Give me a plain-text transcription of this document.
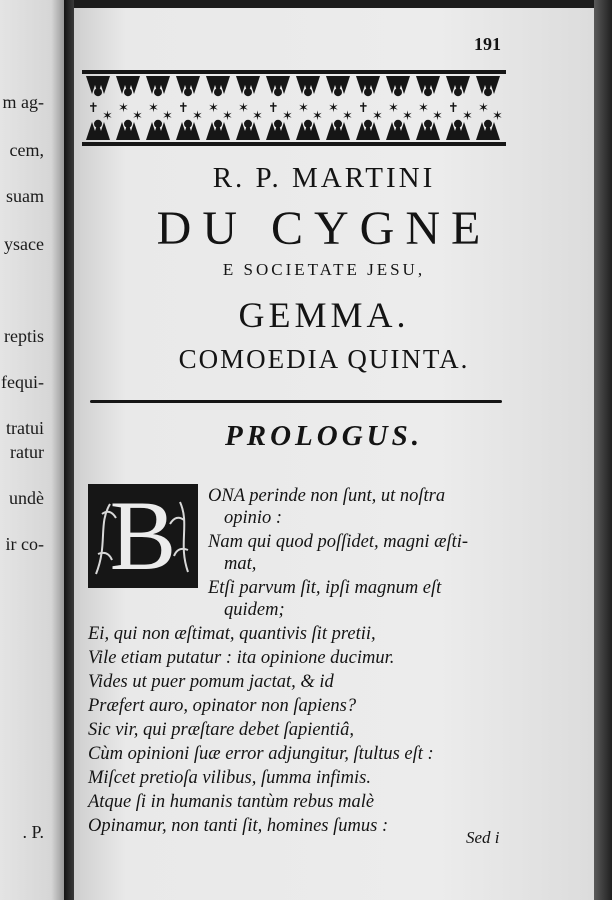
m ag-
cem,
suam
ysace
reptis
fequi-
tratui
ratur
undè
ir co-
. P.
191
✝
✶
✶
✶
✶
✶
✝
✶
✶
✶
✶
✶
✝
✶
✶
✶
✶
✶
✝
✶
✶
✶
✶
✶
✝
✶
✶
✶
R. P. MARTINI
DU CYGNE
E SOCIETATE JESU,
GEMMA.
COMOEDIA QUINTA.
PROLOGUS.
B	ONA perinde non ſunt, ut noſtra
opinio :
Nam qui quod poſſidet, magni æſti-
mat,
Etſi parvum ſit, ipſi magnum eſt
quidem;
Ei, qui non æſtimat, quantivis ſit pretii,
Vile etiam putatur : ita opinione ducimur.
Vides ut puer pomum jactat, & id
Præfert auro, opinator non ſapiens?
Sic vir, qui præſtare debet ſapientiâ,
Cùm opinioni ſuæ error adjungitur, ſtultus eſt :
Miſcet pretioſa vilibus, ſumma infimis.
Atque ſi in humanis tantùm rebus malè
Opinamur, non tanti ſit, homines ſumus :
Sed i
